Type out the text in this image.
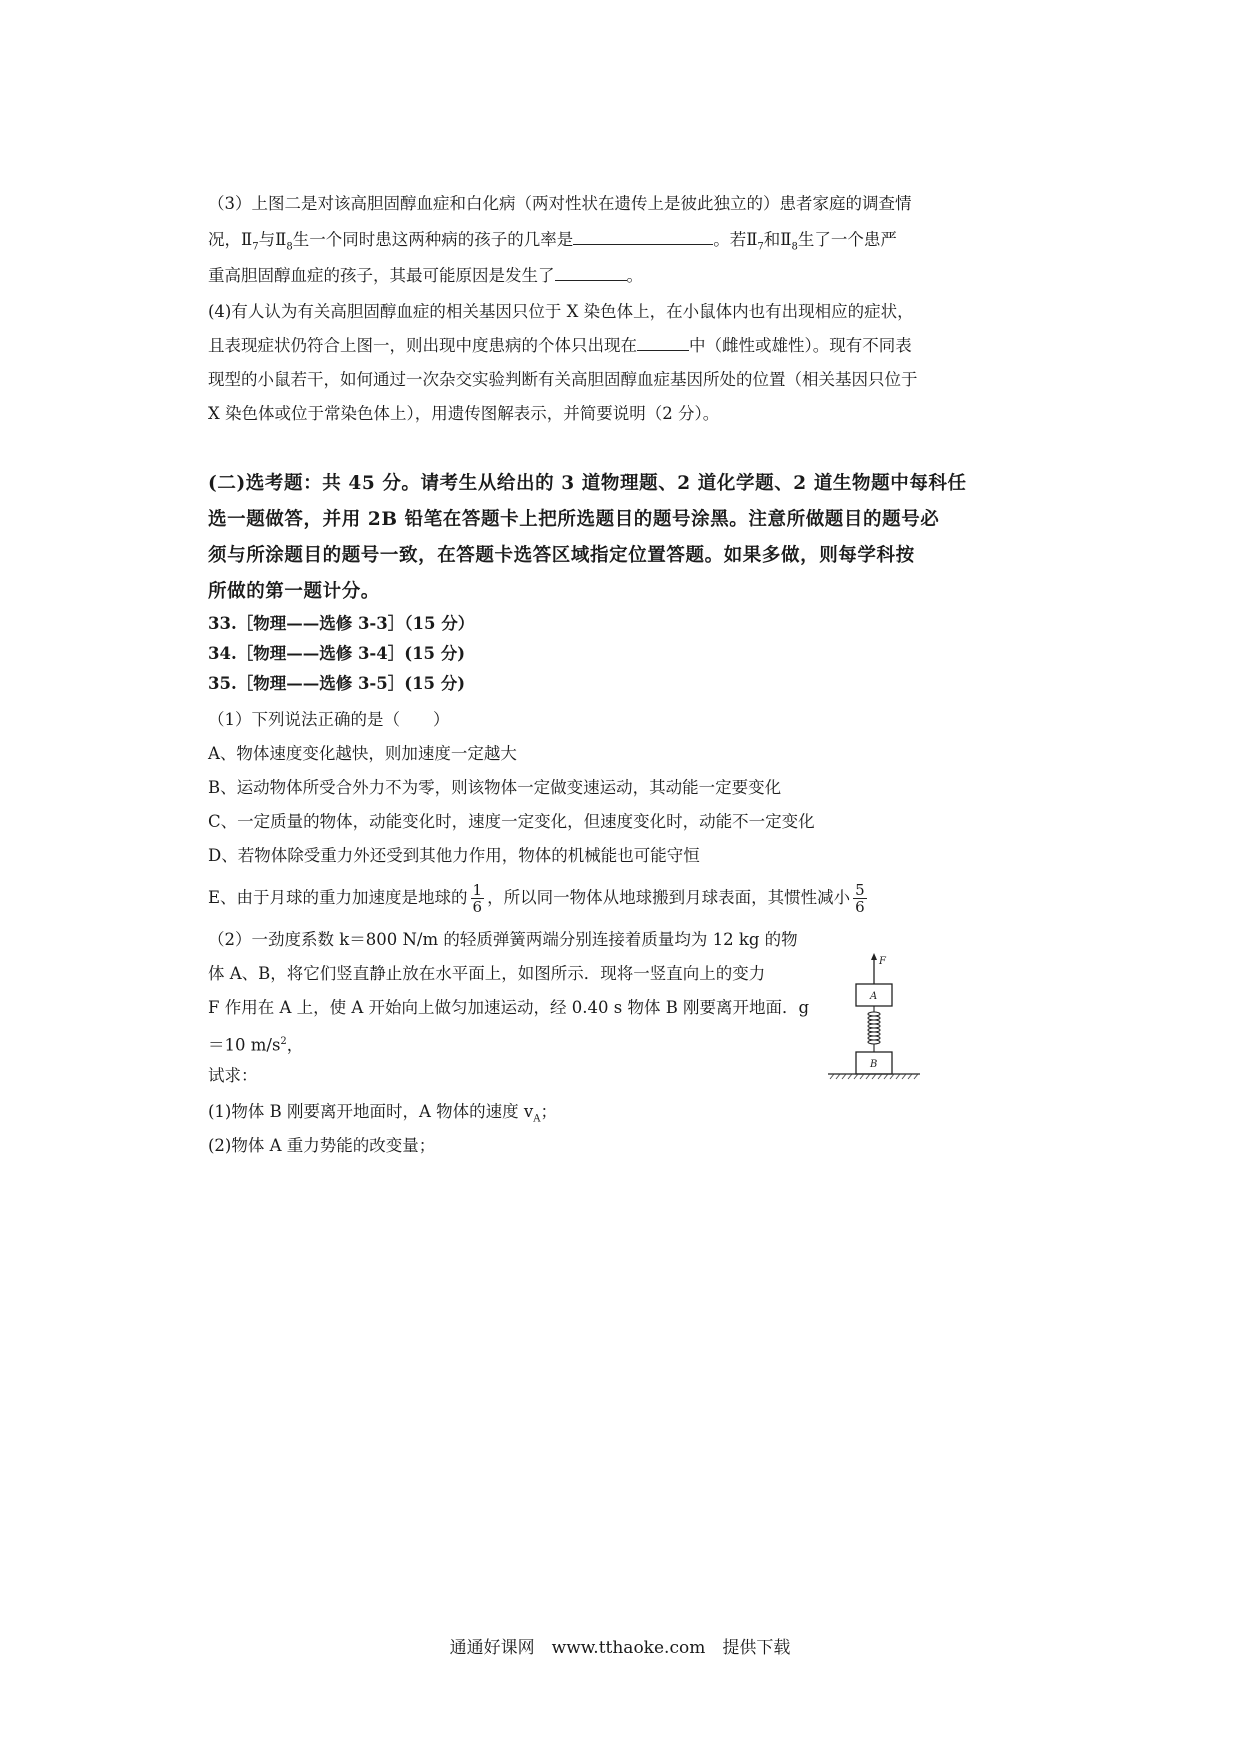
（3）上图二是对该高胆固醇血症和白化病（两对性状在遗传上是彼此独立的）患者家庭的调查情
况，$Ⅱ_7$与$Ⅱ_8$生一个同时患这两种病的孩子的几率是	。若$Ⅱ_7$和$Ⅱ_8$生了一个患严
重高胆固醇血症的孩子，其最可能原因是发生了	。
(4)有人认为有关高胆固醇血症的相关基因只位于 X 染色体上，在小鼠体内也有出现相应的症状，
且表现症状仍符合上图一，则出现中度患病的个体只出现在	中（雌性或雄性）。现有不同表
现型的小鼠若干，如何通过一次杂交实验判断有关高胆固醇血症基因所处的位置（相关基因只位于
X 染色体或位于常染色体上），用遗传图解表示，并简要说明（2 分）。
(二)选考题：共 45 分。请考生从给出的 3 道物理题、2 道化学题、2 道生物题中每科任
选一题做答，并用 2B 铅笔在答题卡上把所选题目的题号涂黑。注意所做题目的题号必
须与所涂题目的题号一致，在答题卡选答区域指定位置答题。如果多做，则每学科按
所做的第一题计分。
33.［物理——选修 3-3］（15 分）
34.［物理——选修 3-4］(15 分)
35.［物理——选修 3-5］(15 分)
（1）下列说法正确的是（　　）
A、物体速度变化越快，则加速度一定越大
B、运动物体所受合外力不为零，则该物体一定做变速运动，其动能一定要变化
C、一定质量的物体，动能变化时，速度一定变化，但速度变化时，动能不一定变化
D、若物体除受重力外还受到其他力作用，物体的机械能也可能守恒
E、由于月球的重力加速度是地球的 $\frac{1}{6}$ ，所以同一物体从地球搬到月球表面，其惯性减小 $\frac{5}{6}$
（2）一劲度系数 k＝800 N/m 的轻质弹簧两端分别连接着质量均为 12 kg 的物
体 A、B，将它们竖直静止放在水平面上，如图所示．现将一竖直向上的变力
F 作用在 A 上，使 A 开始向上做匀加速运动，经 0.40 s 物体 B 刚要离开地面．g
＝10 $m/s^2$，
试求：
(1)物体 B 刚要离开地面时，A 物体的速度 $v_A$；
(2)物体 A 重力势能的改变量；
F
A
B
通通好课网　www.tthaoke.com　提供下载
